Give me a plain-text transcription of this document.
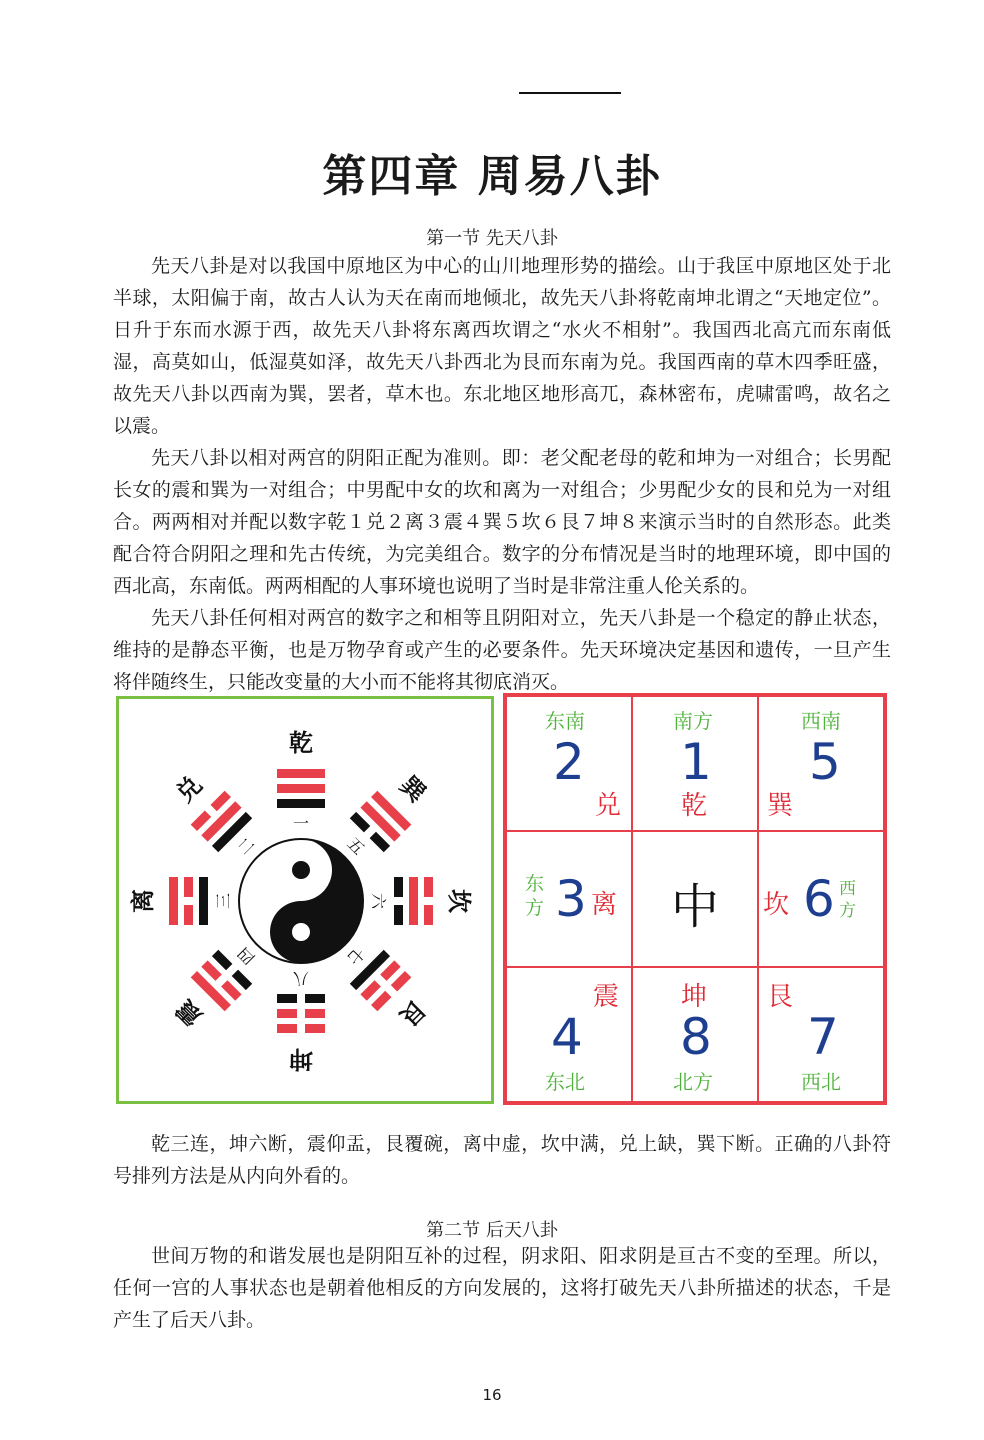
第四章 周易八卦
第一节 先天八卦

先天八卦是对以我国中原地区为中心的山川地理形势的描绘。山于我匡中原地区处于北半球，太阳偏于南，故古人认为天在南而地倾北，故先天八卦将乾南坤北谓之“天地定位”。日升于东而水源于西，故先天八卦将东离西坎谓之“水火不相射”。我国西北高亢而东南低湿，高莫如山，低湿莫如泽，故先天八卦西北为艮而东南为兑。我国西南的草木四季旺盛，故先天八卦以西南为巽，罢者，草木也。东北地区地形高兀，森林密布，虎啸雷鸣，故名之以震。

先天八卦以相对两宫的阴阳正配为准则。即：老父配老母的乾和坤为一对组合；长男配长女的震和巽为一对组合；中男配中女的坎和离为一对组合；少男配少女的艮和兑为一对组合。两两相对并配以数字乾１兑２离３震４巽５坎６艮７坤８来演示当时的自然形态。此类配合符合阴阳之理和先古传统，为完美组合。数字的分布情况是当时的地理环境，即中国的西北高，东南低。两两相配的人事环境也说明了当时是非常注重人伦关系的。

先天八卦任何相对两宫的数字之和相等且阴阳对立，先天八卦是一个稳定的静止状态，维持的是静态平衡，也是万物孕育或产生的必要条件。先天环境决定基因和遗传，一旦产生将伴随终生，只能改变量的大小而不能将其彻底消灭。

一
乾
五
巽
六 坎
七
艮
八
坤
四
震
三
离
二
兑
东南
2
兑
南方
1
乾
西南
5
巽
东方 3 离 中 坎 6 西方
震
4
东北
坤
8
北方
艮
7
西北

乾三连，坤六断，震仰盂，艮覆碗，离中虚，坎中满，兑上缺，巽下断。正确的八卦符号排列方法是从内向外看的。

第二节 后天八卦

世间万物的和谐发展也是阴阳互补的过程，阴求阳、阳求阴是亘古不变的至理。所以，任何一宫的人事状态也是朝着他相反的方向发展的，这将打破先天八卦所描述的状态，千是产生了后天八卦。

16
